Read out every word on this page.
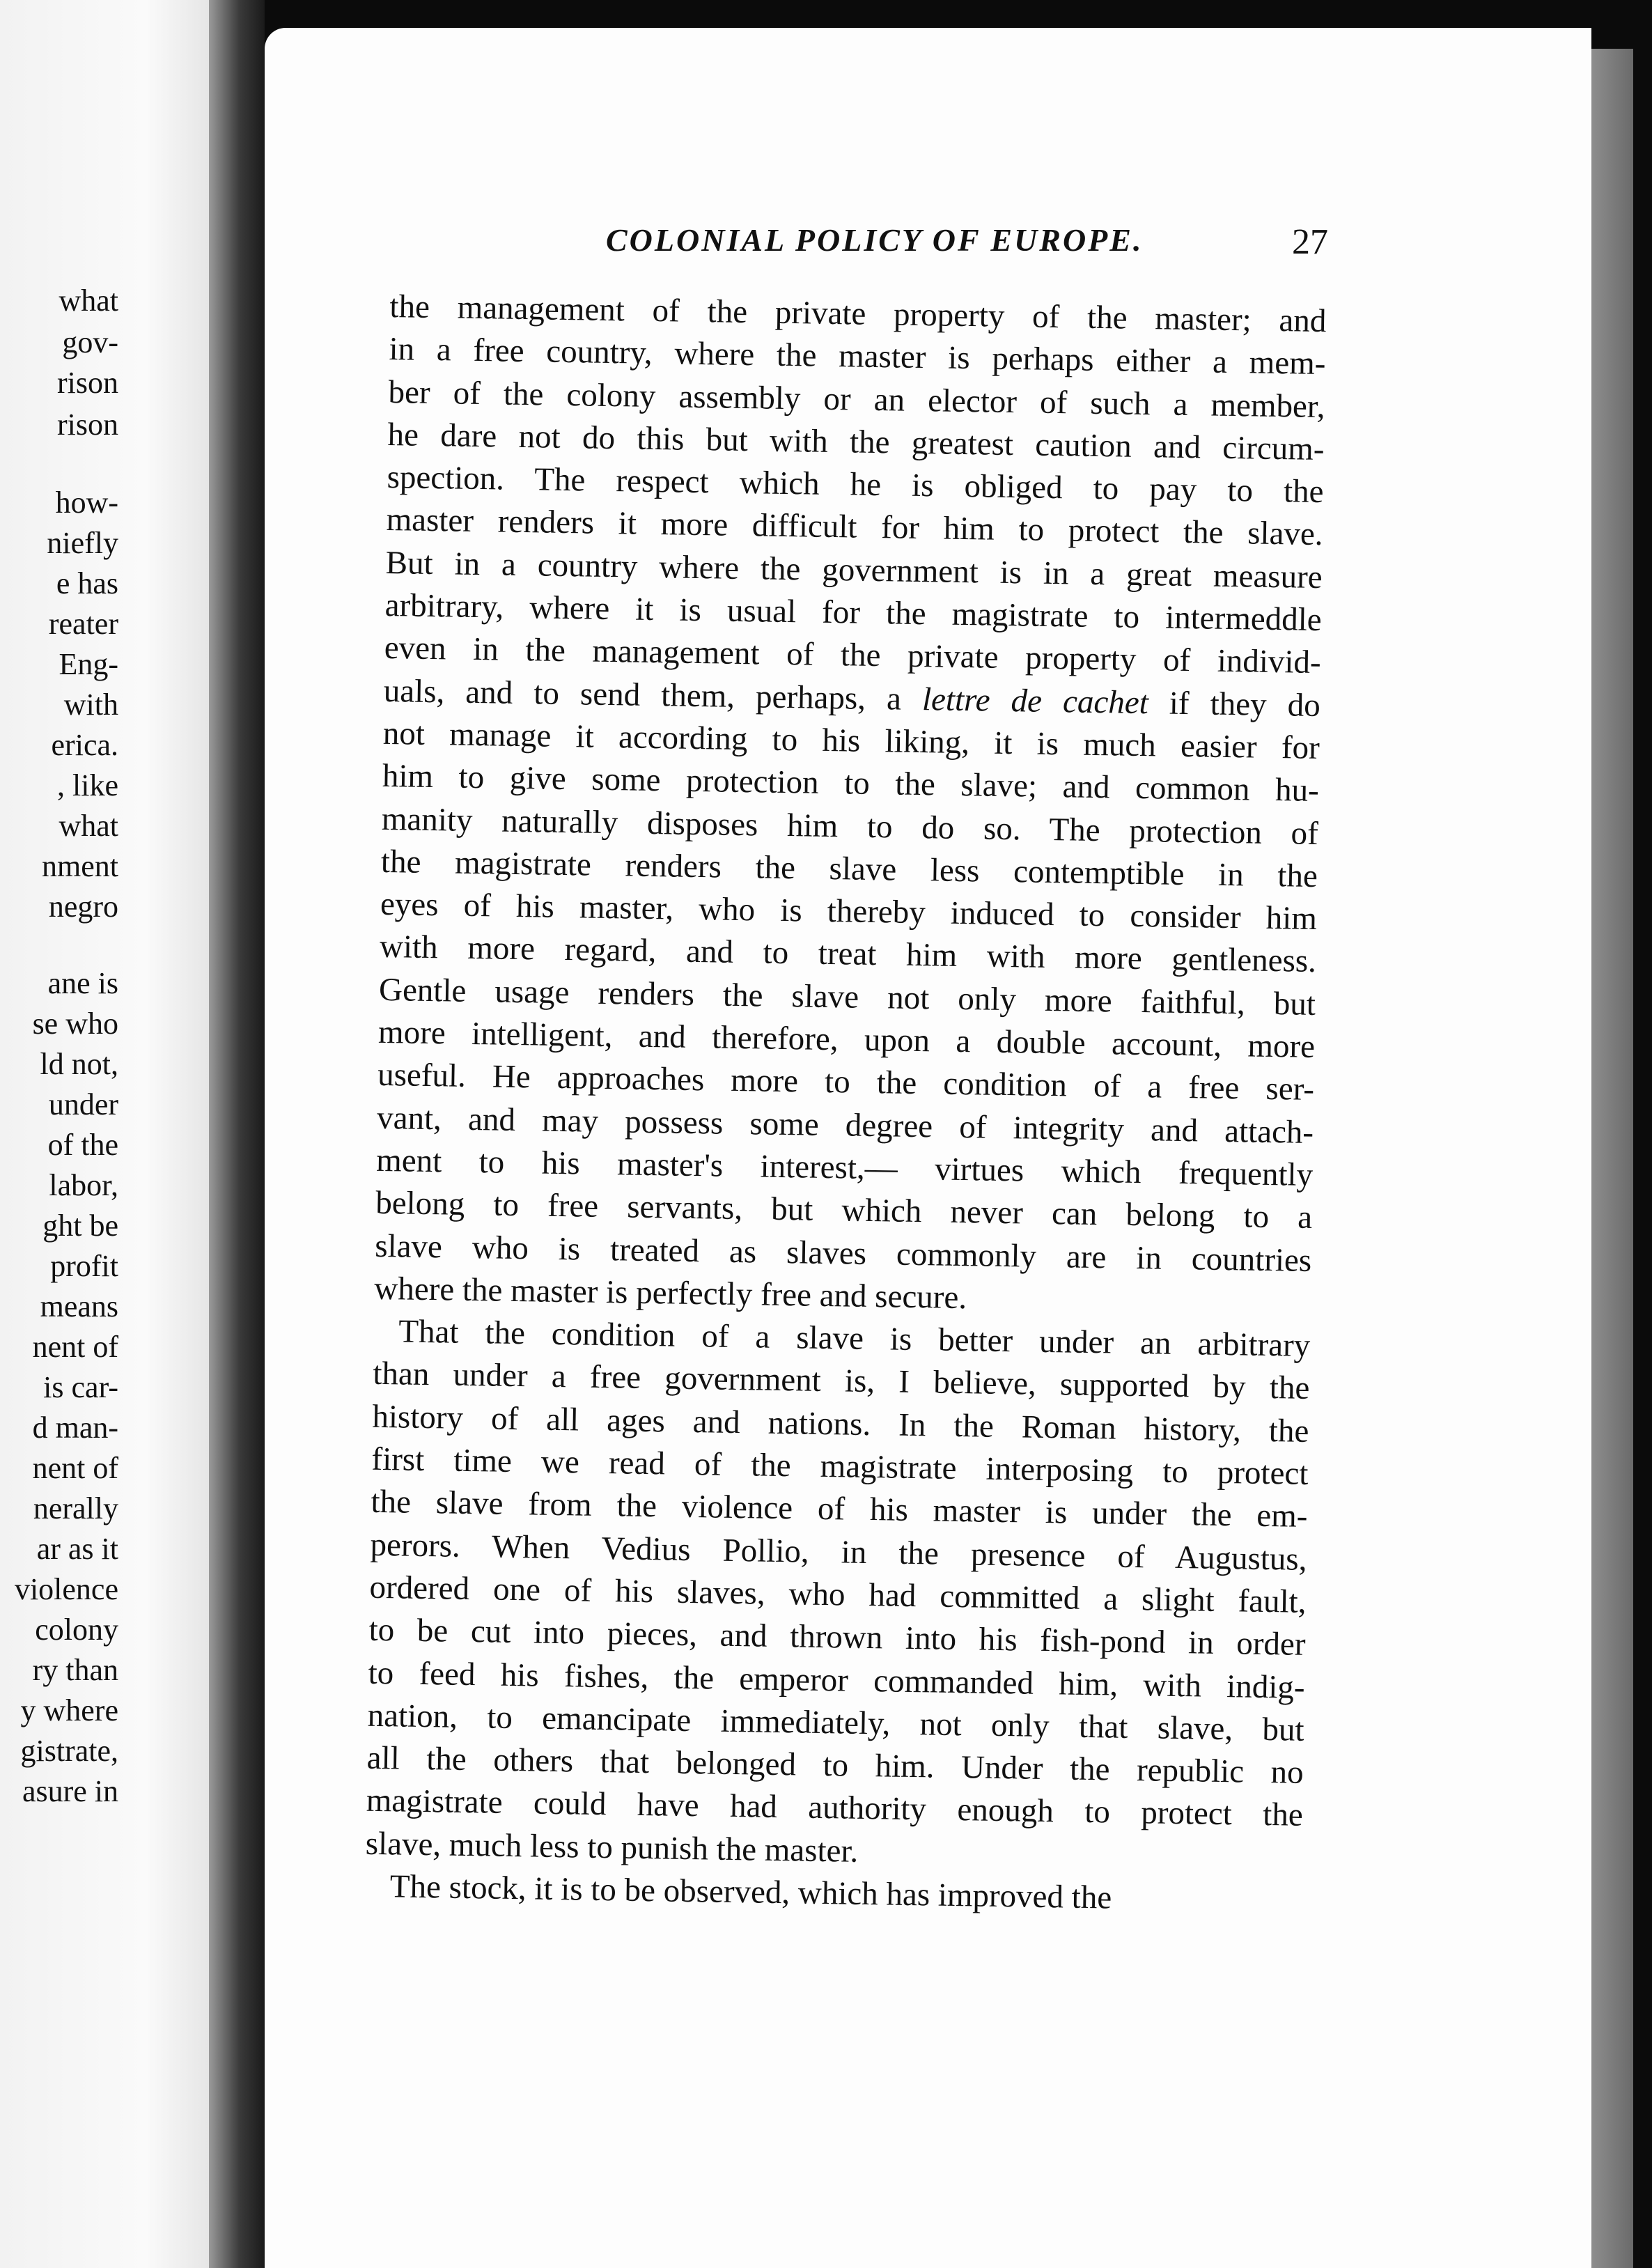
what
gov-
rison
rison
how-
niefly
e has
reater
Eng-
with
erica.
, like
what
nment
negro
ane is
se who
ld not,
under
of the
labor,
ght be
profit
means
nent of
is car-
d man-
nent of
nerally
ar as it
violence
colony
ry than
y where
gistrate,
asure in
COLONIAL POLICY OF EUROPE.	27
the management of the private property of the master; and
in a free country, where the master is perhaps either a mem-
ber of the colony assembly or an elector of such a member,
he dare not do this but with the greatest caution and circum-
spection. The respect which he is obliged to pay to the
master renders it more difficult for him to protect the slave.
But in a country where the government is in a great measure
arbitrary, where it is usual for the magistrate to intermeddle
even in the management of the private property of individ-
uals, and to send them, perhaps, a lettre de cachet if they do
not manage it according to his liking, it is much easier for
him to give some protection to the slave; and common hu-
manity naturally disposes him to do so. The protection of
the magistrate renders the slave less contemptible in the
eyes of his master, who is thereby induced to consider him
with more regard, and to treat him with more gentleness.
Gentle usage renders the slave not only more faithful, but
more intelligent, and therefore, upon a double account, more
useful. He approaches more to the condition of a free ser-
vant, and may possess some degree of integrity and attach-
ment to his master's interest,— virtues which frequently
belong to free servants, but which never can belong to a
slave who is treated as slaves commonly are in countries
where the master is perfectly free and secure.
That the condition of a slave is better under an arbitrary
than under a free government is, I believe, supported by the
history of all ages and nations. In the Roman history, the
first time we read of the magistrate interposing to protect
the slave from the violence of his master is under the em-
perors. When Vedius Pollio, in the presence of Augustus,
ordered one of his slaves, who had committed a slight fault,
to be cut into pieces, and thrown into his fish-pond in order
to feed his fishes, the emperor commanded him, with indig-
nation, to emancipate immediately, not only that slave, but
all the others that belonged to him. Under the republic no
magistrate could have had authority enough to protect the
slave, much less to punish the master.
The stock, it is to be observed, which has improved the
